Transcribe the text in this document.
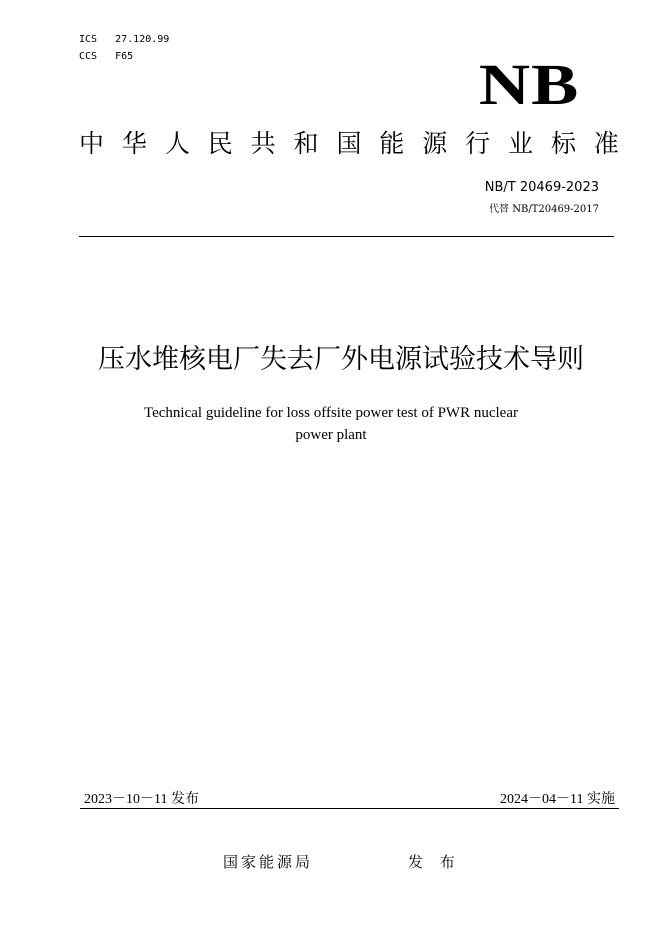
ICS 27.120.99
CCS F65	NB
中 华 人 民 共 和 国 能 源 行 业 标 准
NB/T 20469-2023
代替 NB/T20469-2017
压水堆核电厂失去厂外电源试验技术导则
Technical guideline for loss offsite power test of PWR nuclear
power plant
2023－10－11 发布	2024－04－11 实施
国家能源局	发 布
